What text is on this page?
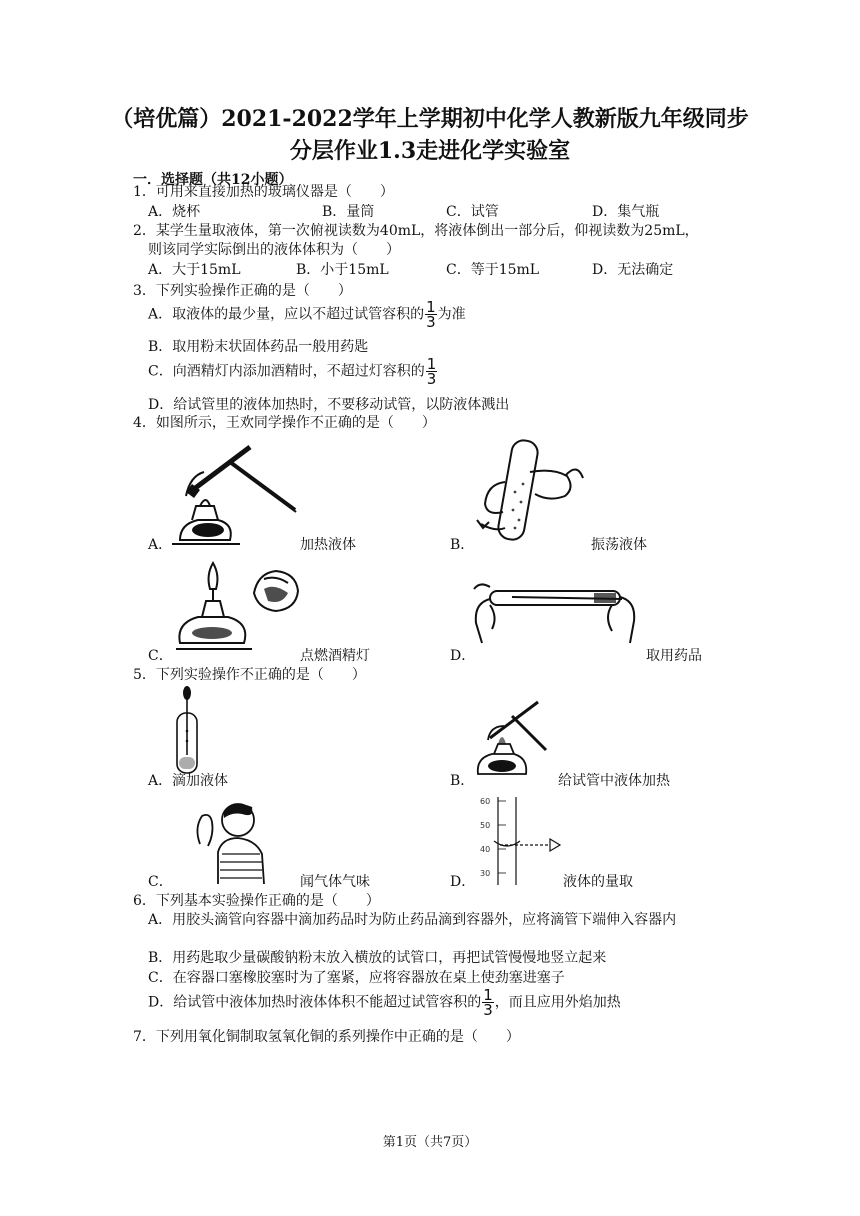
（培优篇）2021-2022学年上学期初中化学人教新版九年级同步
分层作业1.3走进化学实验室
一．选择题（共12小题）
1．可用来直接加热的玻璃仪器是（　　）
A．烧杯	B．量筒	C．试管	D．集气瓶
2．某学生量取液体，第一次俯视读数为40mL，将液体倒出一部分后，仰视读数为25mL，
则该同学实际倒出的液体体积为（　　）
A．大于15mL	B．小于15mL	C．等于15mL	D．无法确定
3．下列实验操作正确的是（　　）
A．取液体的最少量，应以不超过试管容积的 $\frac{1}{3}$ 为准
B．取用粉末状固体药品一般用药匙
C．向酒精灯内添加酒精时，不超过灯容积的 $\frac{1}{3}$
D．给试管里的液体加热时，不要移动试管，以防液体溅出
4．如图所示，王欢同学操作不正确的是（　　）
A．	加热液体	B．	振荡液体
C．	点燃酒精灯	D．	取用药品
5．下列实验操作不正确的是（　　）
A． 滴加液体	B．	给试管中液体加热
C．	闻气体气味
60
50
40
30
D．	液体的量取
6．下列基本实验操作正确的是（　　）
A．用胶头滴管向容器中滴加药品时为防止药品滴到容器外，应将滴管下端伸入容器内
B．用药匙取少量碳酸钠粉末放入横放的试管口，再把试管慢慢地竖立起来
C．在容器口塞橡胶塞时为了塞紧，应将容器放在桌上使劲塞进塞子
D．给试管中液体加热时液体体积不能超过试管容积的 $\frac{1}{3}$ ，而且应用外焰加热
7．下列用氧化铜制取氢氧化铜的系列操作中正确的是（　　）
第1页（共7页）
